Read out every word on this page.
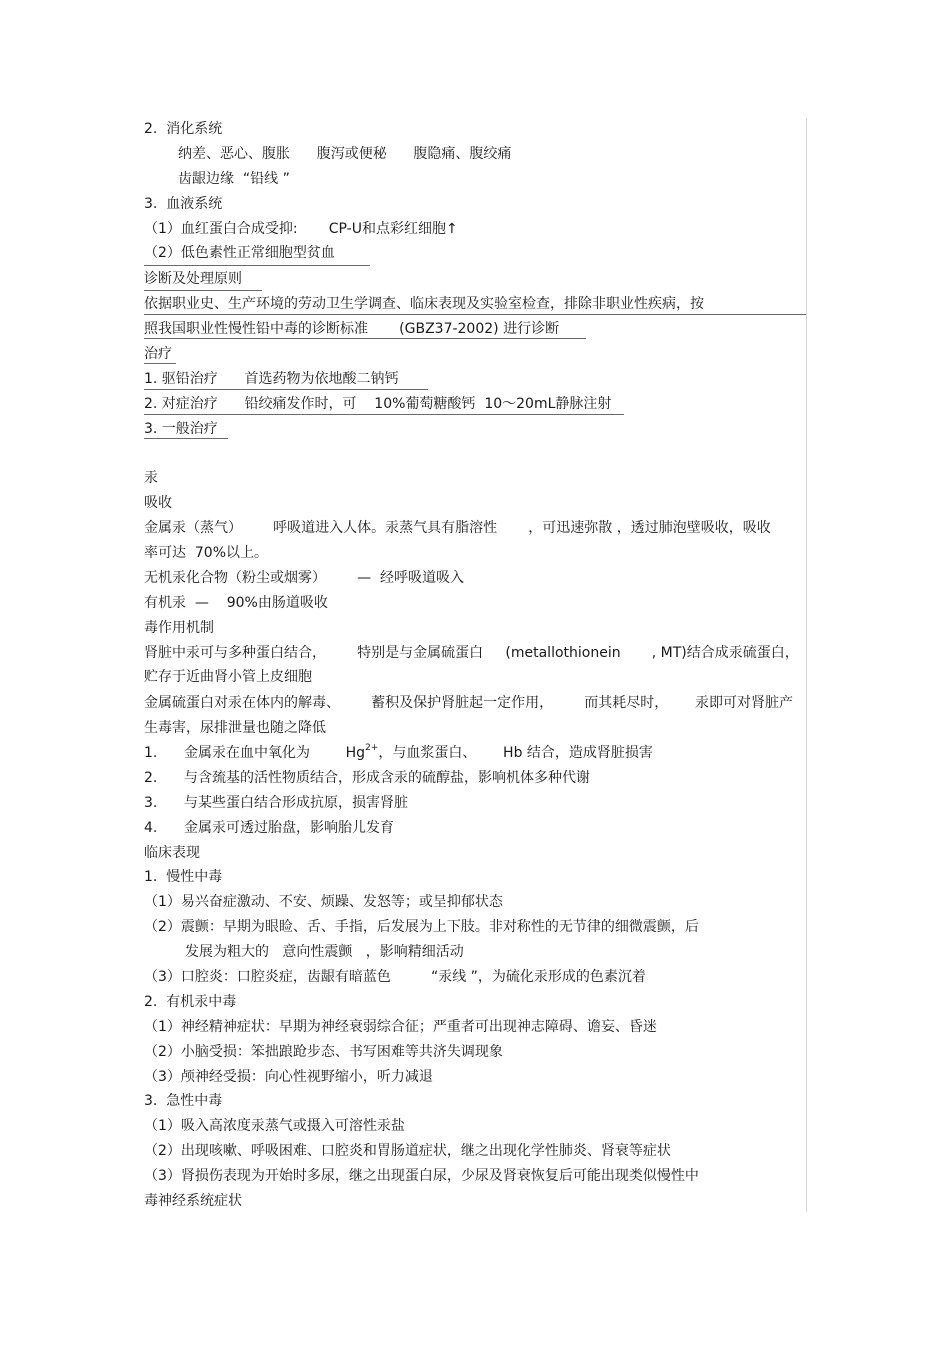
2.  消化系统
纳差、恶心、腹胀      腹泻或便秘      腹隐痛、腹绞痛
齿龈边缘  “铅线 ”
3.  血液系统
（1）血红蛋白合成受抑:       CP-U和点彩红细胞↑
（2）低色素性正常细胞型贫血
诊断及处理原则
依据职业史、生产环境的劳动卫生学调查、临床表现及实验室检查，排除非职业性疾病，按
照我国职业性慢性铅中毒的诊断标准       (GBZ37-2002) 进行诊断
治疗
1. 驱铅治疗      首选药物为依地酸二钠钙
2. 对症治疗      铅绞痛发作时，可    10%葡萄糖酸钙  10～20mL静脉注射
3. 一般治疗
汞
吸收
金属汞（蒸气）       呼吸道进入人体。汞蒸气具有脂溶性       ，可迅速弥散 ，透过肺泡壁吸收，吸收
率可达  70%以上。
无机汞化合物（粉尘或烟雾）       —  经呼吸道吸入
有机汞  —    90%由肠道吸收
毒作用机制
肾脏中汞可与多种蛋白结合，       特别是与金属硫蛋白     (metallothionein       , MT)结合成汞硫蛋白，
贮存于近曲肾小管上皮细胞
金属硫蛋白对汞在体内的解毒、       蓄积及保护肾脏起一定作用，       而其耗尽时，      汞即可对肾脏产
生毒害，尿排泄量也随之降低
1.      金属汞在血中氧化为        $Hg^{2+}$，与血浆蛋白、      Hb 结合，造成肾脏损害
2.      与含巯基的活性物质结合，形成含汞的硫醇盐，影响机体多种代谢
3.      与某些蛋白结合形成抗原，损害肾脏
4.      金属汞可透过胎盘，影响胎儿发育
临床表现
1.  慢性中毒
（1）易兴奋症激动、不安、烦躁、发怒等；或呈抑郁状态
（2）震颤：早期为眼睑、舌、手指，后发展为上下肢。非对称性的无节律的细微震颤，后
发展为粗大的   意向性震颤   ，影响精细活动
（3）口腔炎：口腔炎症，齿龈有暗蓝色         “汞线 ”，为硫化汞形成的色素沉着
2.  有机汞中毒
（1）神经精神症状：早期为神经衰弱综合征；严重者可出现神志障碍、谵妄、昏迷
（2）小脑受损：笨拙踉跄步态、书写困难等共济失调现象
（3）颅神经受损：向心性视野缩小，听力减退
3.  急性中毒
（1）吸入高浓度汞蒸气或摄入可溶性汞盐
（2）出现咳嗽、呼吸困难、口腔炎和胃肠道症状，继之出现化学性肺炎、肾衰等症状
（3）肾损伤表现为开始时多尿，继之出现蛋白尿，少尿及肾衰恢复后可能出现类似慢性中
毒神经系统症状
